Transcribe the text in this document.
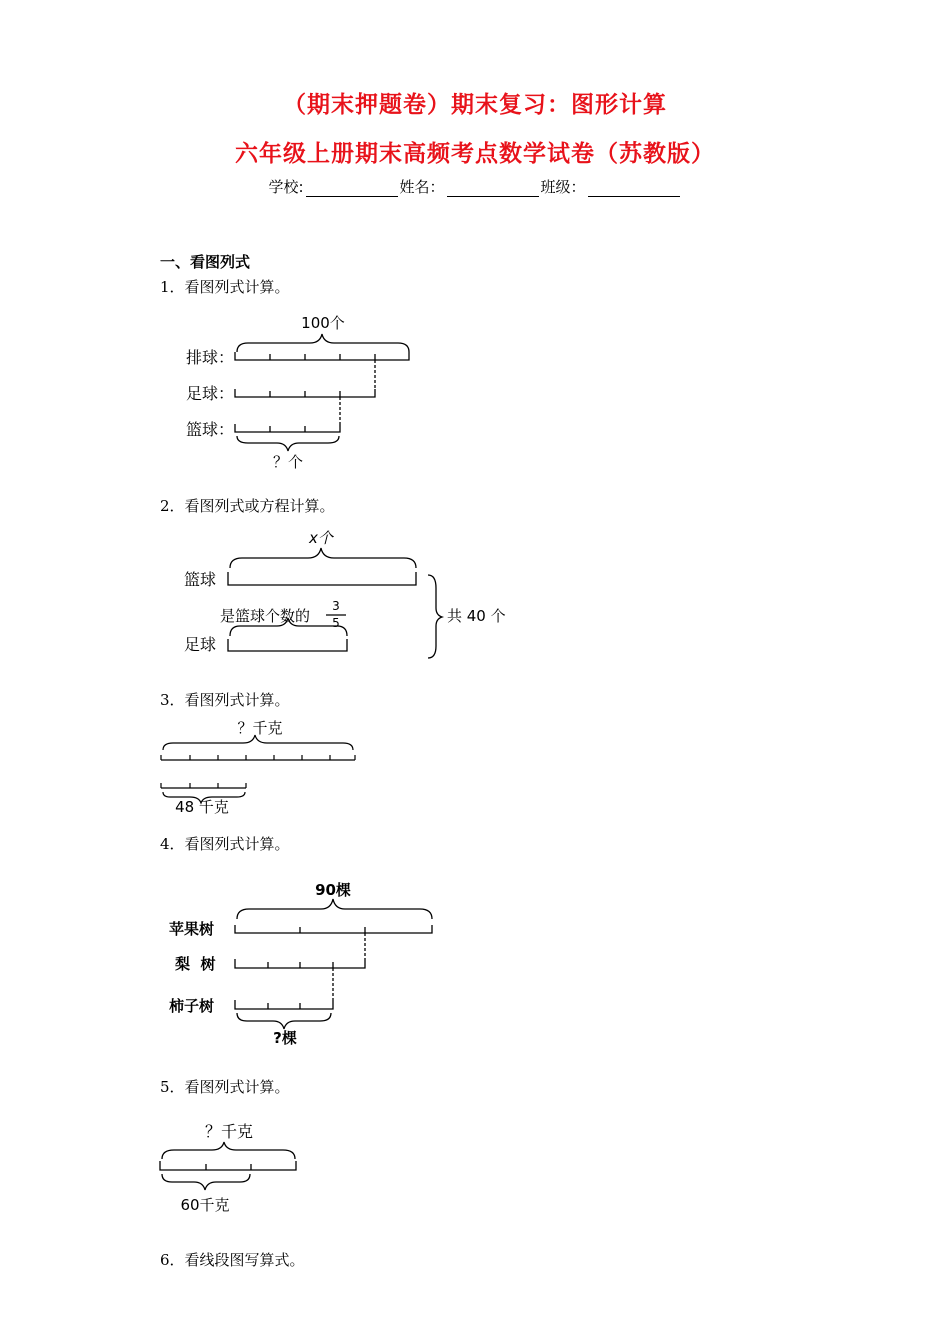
（期末押题卷）期末复习：图形计算
六年级上册期末高频考点数学试卷（苏教版）
学校:	姓名：	班级：
一、看图列式
1．看图列式计算。
2．看图列式或方程计算。
3．看图列式计算。
4．看图列式计算。
5．看图列式计算。
6．看线段图写算式。
100个
排球：
足球：
篮球：
？个
x个
篮球
是篮球个数的
3
5
足球
共 40 个
？千克
48 千克
90棵
苹果树
梨  树
柿子树
?棵
？千克
60千克
